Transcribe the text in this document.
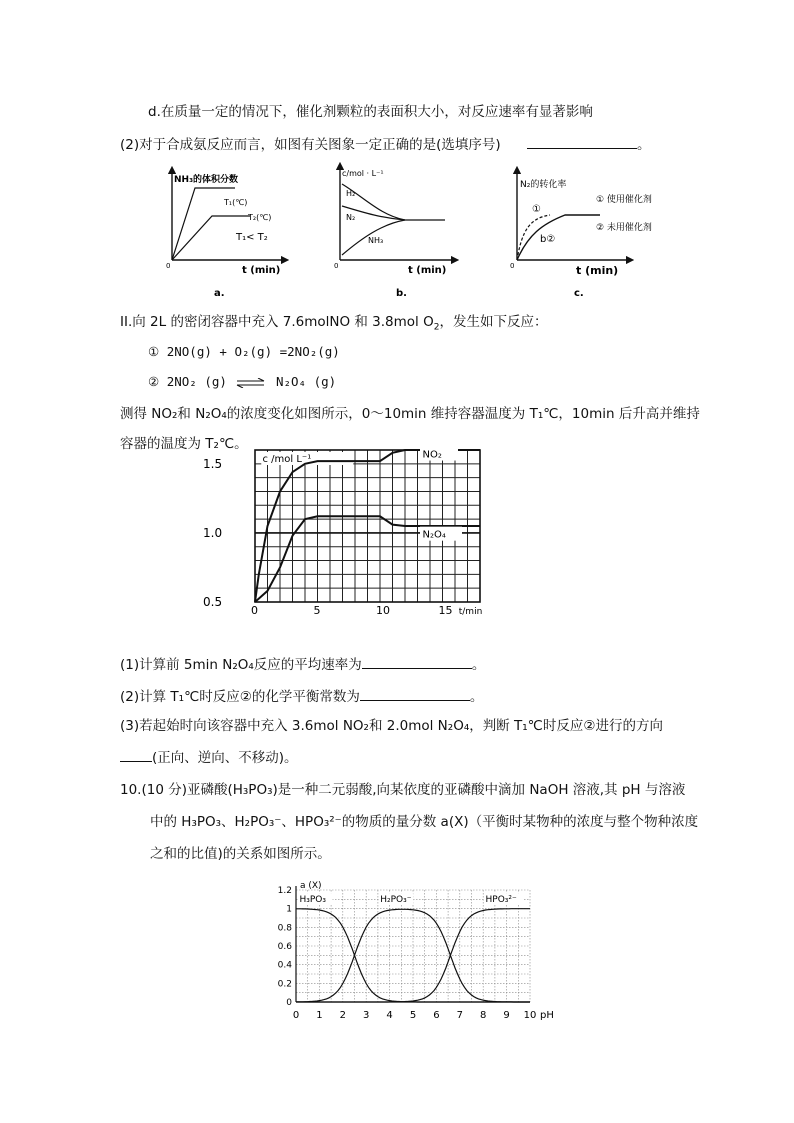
d.在质量一定的情况下，催化剂颗粒的表面积大小，对反应速率有显著影响
(2)对于合成氨反应而言，如图有关图象一定正确的是(选填序号)	。
NH₃的体积分数
T₁(℃)
T₂(℃)
T₁< T₂
t (min)
0
a.
c/mol · L⁻¹
H₂
N₂
NH₃
t (min)
0
b.
N₂的转化率
①
b②
① 使用催化剂
② 未用催化剂
t (min)
0
c.
II.向 2L 的密闭容器中充入 7.6molNO 和 3.8mol $O_2$，发生如下反应：
① 2NO(g) + O₂(g) =2NO₂(g)
② 2NO₂ (g) ⇌ N₂O₄ (g)
测得 NO₂和 N₂O₄的浓度变化如图所示，0～10min 维持容器温度为 T₁℃，10min 后升高并维持
容器的温度为 T₂℃。
0.5
1.0
1.5
0	5	10	15 t/min
c /mol L⁻¹	NO₂
N₂O₄
(1)计算前 5min N₂O₄反应的平均速率为	。
(2)计算 T₁℃时反应②的化学平衡常数为	。
(3)若起始时向该容器中充入 3.6mol NO₂和 2.0mol N₂O₄，判断 T₁℃时反应②进行的方向
(正向、逆向、不移动)。
10.(10 分)亚磷酸(H₃PO₃)是一种二元弱酸,向某依度的亚磷酸中滴加 NaOH 溶液,其 pH 与溶液
中的 H₃PO₃、H₂PO₃⁻、HPO₃²⁻的物质的量分数 a(X)（平衡时某物种的浓度与整个物种浓度
之和的比值)的关系如图所示。
0
0.2
0.4
0.6
0.8
1
1.2
0 1 2 3 4 5 6 7 8 9 10 pH
a (X)
H₃PO₃	H₂PO₃⁻	HPO₃²⁻
